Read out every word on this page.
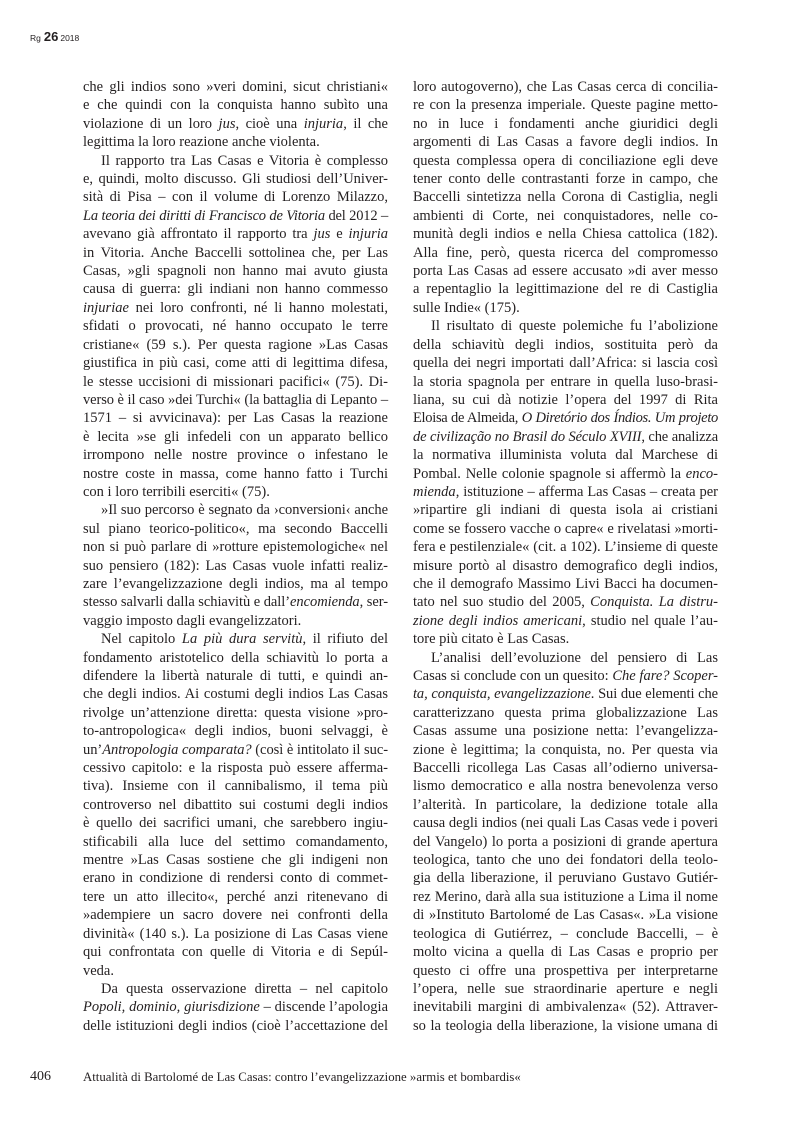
Rg 26 2018
che gli indios sono »veri domini, sicut christiani«
e che quindi con la conquista hanno subìto una
violazione di un loro jus, cioè una injuria, il che
legittima la loro reazione anche violenta.
Il rapporto tra Las Casas e Vitoria è complesso
e, quindi, molto discusso. Gli studiosi dell’Univer-
sità di Pisa – con il volume di Lorenzo Milazzo,
La teoria dei diritti di Francisco de Vitoria del 2012 –
avevano già affrontato il rapporto tra jus e injuria
in Vitoria. Anche Baccelli sottolinea che, per Las
Casas, »gli spagnoli non hanno mai avuto giusta
causa di guerra: gli indiani non hanno commesso
injuriae nei loro confronti, né li hanno molestati,
sfidati o provocati, né hanno occupato le terre
cristiane« (59 s.). Per questa ragione »Las Casas
giustifica in più casi, come atti di legittima difesa,
le stesse uccisioni di missionari pacifici« (75). Di-
verso è il caso »dei Turchi« (la battaglia di Lepanto –
1571 – si avvicinava): per Las Casas la reazione
è lecita »se gli infedeli con un apparato bellico
irrompono nelle nostre province o infestano le
nostre coste in massa, come hanno fatto i Turchi
con i loro terribili eserciti« (75).
»Il suo percorso è segnato da ›conversioni‹ anche
sul piano teorico-politico«, ma secondo Baccelli
non si può parlare di »rotture epistemologiche« nel
suo pensiero (182): Las Casas vuole infatti realiz-
zare l’evangelizzazione degli indios, ma al tempo
stesso salvarli dalla schiavitù e dall’encomienda, ser-
vaggio imposto dagli evangelizzatori.
Nel capitolo La più dura servitù, il rifiuto del
fondamento aristotelico della schiavitù lo porta a
difendere la libertà naturale di tutti, e quindi an-
che degli indios. Ai costumi degli indios Las Casas
rivolge un’attenzione diretta: questa visione »pro-
to-antropologica« degli indios, buoni selvaggi, è
un’Antropologia comparata? (così è intitolato il suc-
cessivo capitolo: e la risposta può essere afferma-
tiva). Insieme con il cannibalismo, il tema più
controverso nel dibattito sui costumi degli indios
è quello dei sacrifici umani, che sarebbero ingiu-
stificabili alla luce del settimo comandamento,
mentre »Las Casas sostiene che gli indigeni non
erano in condizione di rendersi conto di commet-
tere un atto illecito«, perché anzi ritenevano di
»adempiere un sacro dovere nei confronti della
divinità« (140 s.). La posizione di Las Casas viene
qui confrontata con quelle di Vitoria e di Sepúl-
veda.
Da questa osservazione diretta – nel capitolo
Popoli, dominio, giurisdizione – discende l’apologia
delle istituzioni degli indios (cioè l’accettazione del
loro autogoverno), che Las Casas cerca di concilia-
re con la presenza imperiale. Queste pagine metto-
no in luce i fondamenti anche giuridici degli
argomenti di Las Casas a favore degli indios. In
questa complessa opera di conciliazione egli deve
tener conto delle contrastanti forze in campo, che
Baccelli sintetizza nella Corona di Castiglia, negli
ambienti di Corte, nei conquistadores, nelle co-
munità degli indios e nella Chiesa cattolica (182).
Alla fine, però, questa ricerca del compromesso
porta Las Casas ad essere accusato »di aver messo
a repentaglio la legittimazione del re di Castiglia
sulle Indie« (175).
Il risultato di queste polemiche fu l’abolizione
della schiavitù degli indios, sostituita però da
quella dei negri importati dall’Africa: si lascia così
la storia spagnola per entrare in quella luso-brasi-
liana, su cui dà notizie l’opera del 1997 di Rita
Eloisa de Almeida, O Diretório dos Índios. Um projeto
de civilização no Brasil do Século XVIII, che analizza
la normativa illuminista voluta dal Marchese di
Pombal. Nelle colonie spagnole si affermò la enco-
mienda, istituzione – afferma Las Casas – creata per
»ripartire gli indiani di questa isola ai cristiani
come se fossero vacche o capre« e rivelatasi »morti-
fera e pestilenziale« (cit. a 102). L’insieme di queste
misure portò al disastro demografico degli indios,
che il demografo Massimo Livi Bacci ha documen-
tato nel suo studio del 2005, Conquista. La distru-
zione degli indios americani, studio nel quale l’au-
tore più citato è Las Casas.
L’analisi dell’evoluzione del pensiero di Las
Casas si conclude con un quesito: Che fare? Scoper-
ta, conquista, evangelizzazione. Sui due elementi che
caratterizzano questa prima globalizzazione Las
Casas assume una posizione netta: l’evangelizza-
zione è legittima; la conquista, no. Per questa via
Baccelli ricollega Las Casas all’odierno universa-
lismo democratico e alla nostra benevolenza verso
l’alterità. In particolare, la dedizione totale alla
causa degli indios (nei quali Las Casas vede i poveri
del Vangelo) lo porta a posizioni di grande apertura
teologica, tanto che uno dei fondatori della teolo-
gia della liberazione, il peruviano Gustavo Gutiér-
rez Merino, darà alla sua istituzione a Lima il nome
di »Instituto Bartolomé de Las Casas«. »La visione
teologica di Gutiérrez, – conclude Baccelli, – è
molto vicina a quella di Las Casas e proprio per
questo ci offre una prospettiva per interpretarne
l’opera, nelle sue straordinarie aperture e negli
inevitabili margini di ambivalenza« (52). Attraver-
so la teologia della liberazione, la visione umana di
406	Attualità di Bartolomé de Las Casas: contro l’evangelizzazione »armis et bombardis«
